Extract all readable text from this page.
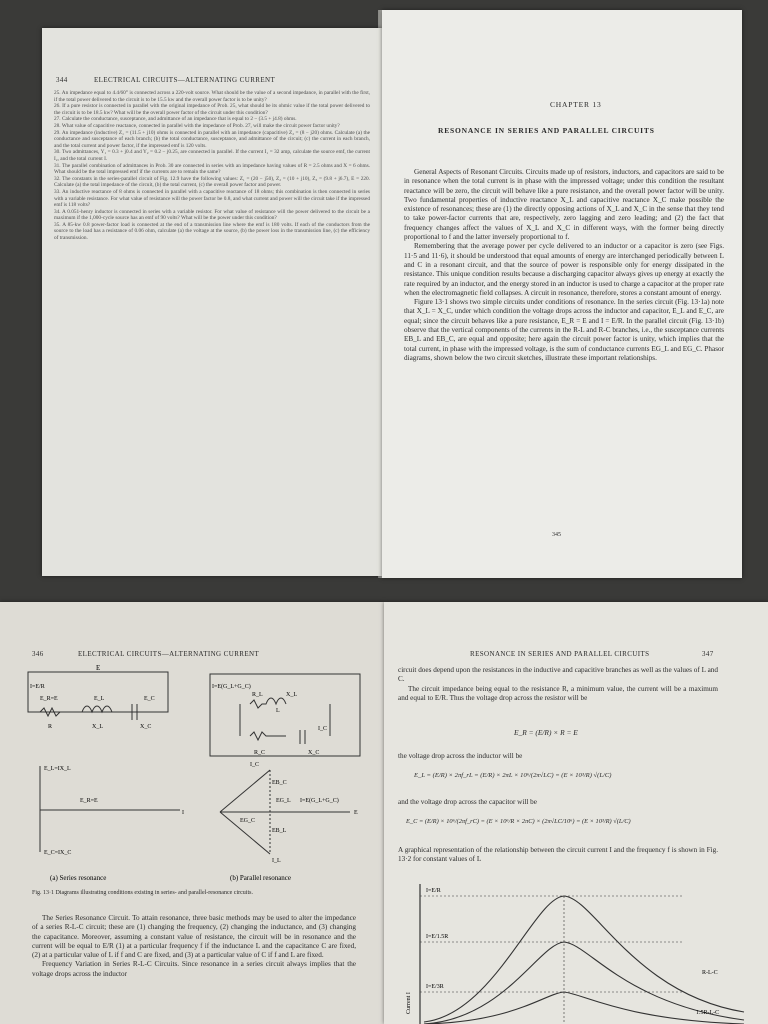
344	ELECTRICAL CIRCUITS—ALTERNATING CURRENT
25. An impedance equal to 4.4/60° is connected across a 220-volt source. What should be the value of a second impedance, in parallel with the first, if the total power delivered to the circuit is to be 15.5 kw and the overall power factor is to be unity?
26. If a pure resistor is connected in parallel with the original impedance of Prob. 25, what should be its ohmic value if the total power delivered to the circuit is to be 18.5 kw? What will be the overall power factor of the circuit under this condition?
27. Calculate the conductance, susceptance, and admittance of an impedance that is equal to 2 − (3.5 + j4.8) ohms.
28. What value of capacitive reactance, connected in parallel with the impedance of Prob. 27, will make the circuit power factor unity?
29. An impedance (inductive) Z₁ = (11.5 + j10) ohms is connected in parallel with an impedance (capacitive) Z₂ = (8 − j20) ohms. Calculate (a) the conductance and susceptance of each branch; (b) the total conductance, susceptance, and admittance of the circuit; (c) the current in each branch, and the total current and power factor, if the impressed emf is 120 volts.
30. Two admittances, Y₁ = 0.3 + j0.4 and Y₂ = 0.2 − j0.25, are connected in parallel. If the current I₁ = 32 amp, calculate the source emf, the current I₂, and the total current I.
31. The parallel combination of admittances in Prob. 30 are connected in series with an impedance having values of R = 2.5 ohms and X = 6 ohms. What should be the total impressed emf if the currents are to remain the same?
32. The constants in the series-parallel circuit of Fig. 12.9 have the following values: Z₁ = (20 − j50), Z₂ = (10 + j10), Z₃ = (9.8 + j6.7), E = 220. Calculate (a) the total impedance of the circuit, (b) the total current, (c) the overall power factor and power.
33. An inductive reactance of 8 ohms is connected in parallel with a capacitive reactance of 18 ohms; this combination is then connected in series with a variable resistance. For what value of resistance will the power factor be 0.8, and what current and power will the circuit take if the impressed emf is 118 volts?
34. A 0.051-henry inductor is connected in series with a variable resistor. For what value of resistance will the power delivered to the circuit be a maximum if the 1,000-cycle source has an emf of 90 volts? What will be the power under this condition?
35. A 85-kw 0.8 power-factor load is connected at the end of a transmission line where the emf is 180 volts. If each of the conductors from the source to the load has a resistance of 0.06 ohm, calculate (a) the voltage at the source, (b) the power loss in the transmission line, (c) the efficiency of transmission.
CHAPTER 13
RESONANCE IN SERIES AND PARALLEL CIRCUITS

General Aspects of Resonant Circuits. Circuits made up of resistors, inductors, and capacitors are said to be in resonance when the total current is in phase with the impressed voltage; under this condition the resultant reactance will be zero, the circuit will behave like a pure resistance, and the overall power factor will be unity. Two fundamental properties of inductive reactance X_L and capacitive reactance X_C make possible the existence of resonances; these are (1) the directly opposing actions of X_L and X_C in the sense that they tend to take power-factor currents that are, respectively, zero lagging and zero leading; and (2) the fact that frequency changes affect the values of X_L and X_C in different ways, with the former being directly proportional to f and the latter inversely proportional to f.

Remembering that the average power per cycle delivered to an inductor or a capacitor is zero (see Figs. 11·5 and 11·6), it should be understood that equal amounts of energy are interchanged periodically between L and C in a resonant circuit, and that the source of power is responsible only for energy dissipated in the resistance. This unique condition results because a discharging capacitor always gives up energy at exactly the rate required by an inductor, and the energy stored in an inductor is used to charge a capacitor at the proper rate when the electromagnetic field collapses. A circuit in resonance, therefore, stores a constant amount of energy.

Figure 13·1 shows two simple circuits under conditions of resonance. In the series circuit (Fig. 13·1a) note that X_L = X_C, under which condition the voltage drops across the inductor and capacitor, E_L and E_C, are equal; since the circuit behaves like a pure resistance, E_R = E and I = E/R. In the parallel circuit (Fig. 13·1b) observe that the vertical components of the currents in the R-L and R-C branches, i.e., the susceptance currents EB_L and EB_C, are equal and opposite; here again the circuit power factor is unity, which implies that the total current, in phase with the impressed voltage, is the sum of conductance currents EG_L and EG_C. Phasor diagrams, shown below the two circuit sketches, illustrate these important relationships.

345
346	ELECTRICAL CIRCUITS—ALTERNATING CURRENT
E
I=E/R
E_R=E	E_L	E_C
R	X_L	X_C
I=E(G_L+G_C)
R_L	X_L
L
I_C
R_C	X_C
E_L=IX_L
E_R=E
I
E_C=IX_C
I_C
EB_C
EG_L I=E(G_L+G_C)
EG_C
E
EB_L
I_L
(a) Series resonance	(b) Parallel resonance
Fig. 13·1 Diagrams illustrating conditions existing in series- and parallel-resonance circuits.

The Series Resonance Circuit. To attain resonance, three basic methods may be used to alter the impedance of a series R-L-C circuit; these are (1) changing the frequency, (2) changing the inductance, and (3) changing the capacitance. Moreover, assuming a constant value of resistance, the circuit will be in resonance and the current will be equal to E/R (1) at a particular frequency f if the inductance L and the capacitance C are fixed, (2) at a particular value of L if f and C are fixed, and (3) at a particular value of C if f and L are fixed.

Frequency Variation in Series R-L-C Circuits. Since resonance in a series circuit always implies that the voltage drops across the inductor

RESONANCE IN SERIES AND PARALLEL CIRCUITS	347

circuit does depend upon the resistances in the inductive and capacitive branches as well as the values of L and C.

The circuit impedance being equal to the resistance R, a minimum value, the current will be a maximum and equal to E/R. Thus the voltage drop across the resistor will be

E_R = (E/R) × R = E
the voltage drop across the inductor will be
E_L = (E/R) × 2πf_rL = (E/R) × 2πL × 10⁶/(2π√LC) = (E × 10³/R) √(L/C)
and the voltage drop across the capacitor will be
E_C = (E/R) × 10⁶/(2πf_rC) = (E × 10⁶/R × 2πC) × (2π√LC/10⁶) = (E × 10³/R) √(L/C)
A graphical representation of the relationship between the circuit current I and the frequency f is shown in Fig. 13·2 for constant values of L
I=E/R
I=E/1.5R
I=E/3R
R-L-C
1.5R-L-C
Current I
